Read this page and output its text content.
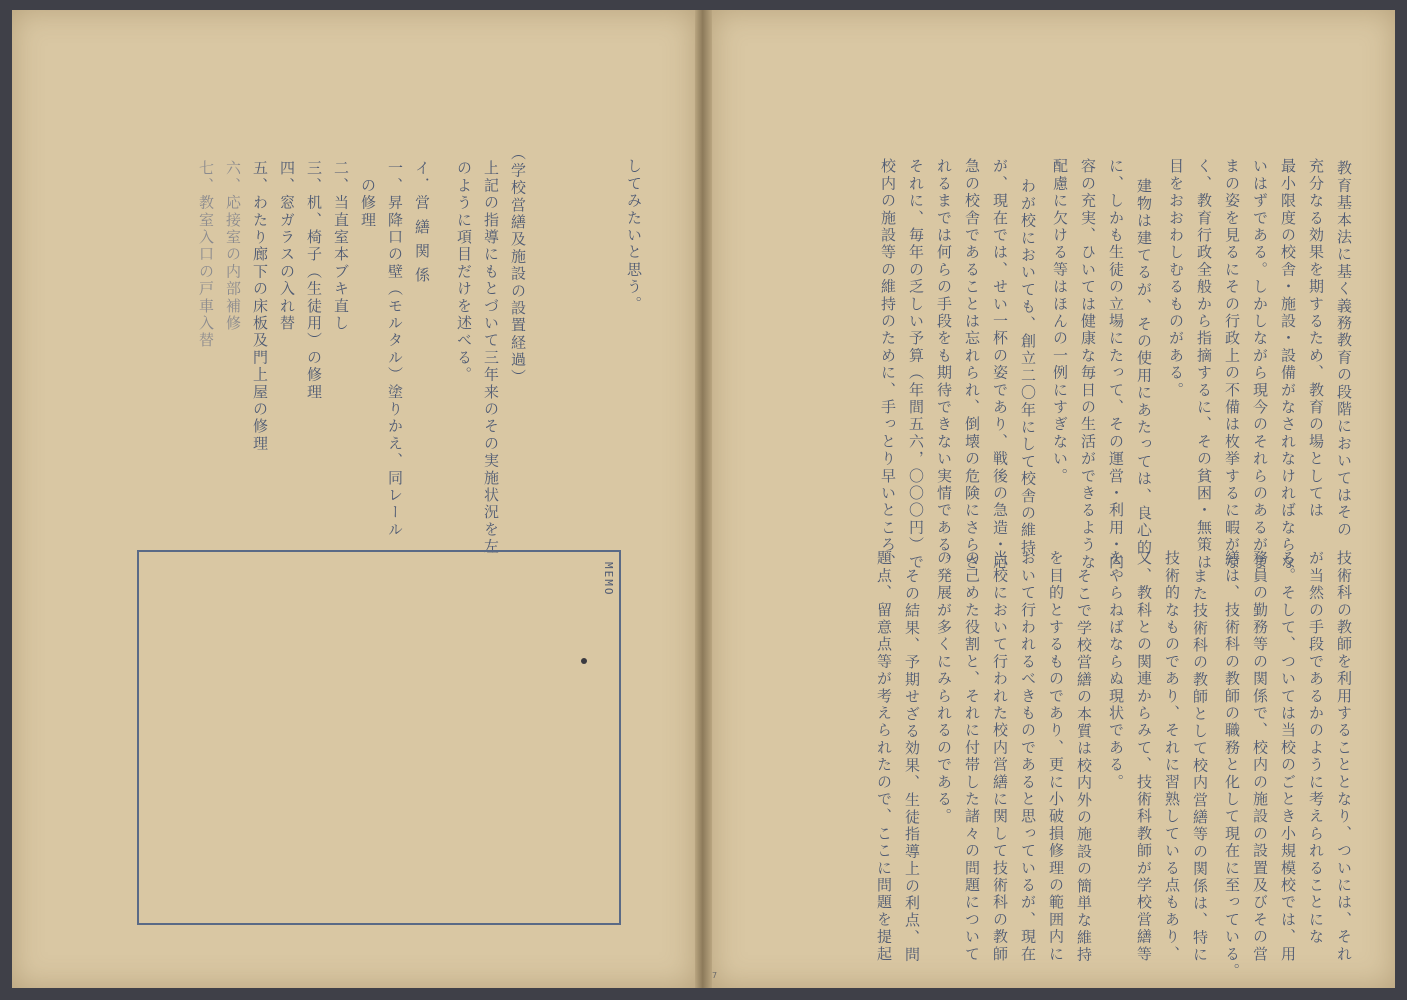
してみたいと思う。
（学校営繕及施設の設置経過）
上記の指導にもとづいて三年来のその実施状況を左
のように項目だけを述べる。
イ．営 繕 関 係
一、昇降口の壁（モルタル）塗りかえ、同レール
　の修理
二、当直室本ブキ直し
三、机、椅子（生徒用）の修理
四、窓ガラスの入れ替
五、わたり廊下の床板及門上屋の修理
六、応接室の内部補修
七、教室入口の戸車入替
MEMO
教育基本法に基く義務教育の段階においてはその
充分なる効果を期するため、教育の場としては
最小限度の校舎・施設・設備がなされなければならな
いはずである。しかしながら現今のそれらのあるがま
まの姿を見るにその行政上の不備は枚挙するに暇がな
く、教育行政全般から指摘するに、その貧困・無策は
目をおおわしむるものがある。
建物は建てるが、その使用にあたっては、良心的
に、しかも生徒の立場にたって、その運営・利用・内
容の充実、ひいては健康な毎日の生活ができるような
配慮に欠ける等はほんの一例にすぎない。
わが校においても、創立二〇年にして校舎の維持
が、現在では、せい一杯の姿であり、戦後の急造・応
急の校舎であることは忘れられ、倒壊の危険にさらさ
れるまでは何らの手段をも期待できない実情である。
それに、毎年の乏しい予算（年間五六，〇〇〇円）で
校内の施設等の維持のために、手っとり早いところ、
技術科の教師を利用することとなり、ついには、それ
が当然の手段であるかのように考えられることにな
る。そして、ついては当校のごとき小規模校では、用
務員の勤務等の関係で、校内の施設の設置及びその営
繕は、技術科の教師の職務と化して現在に至っている。
また技術科の教師として校内営繕等の関係は、特に
技術的なものであり、それに習熟している点もあり、
又、教科との関連からみて、技術科教師が学校営繕等
をやらねばならぬ現状である。
そこで学校営繕の本質は校内外の施設の簡単な維持
を目的とするものであり、更に小破損修理の範囲内に
おいて行われるべきものであると思っているが、現在
当校において行われた校内営繕に関して技術科の教師
の己めた役割と、それに付帯した諸々の問題について
の発展が多くにみられるのである。
その結果、予期せざる効果、生徒指導上の利点、問
題点、留意点等が考えられたので、ここに問題を提起
7
